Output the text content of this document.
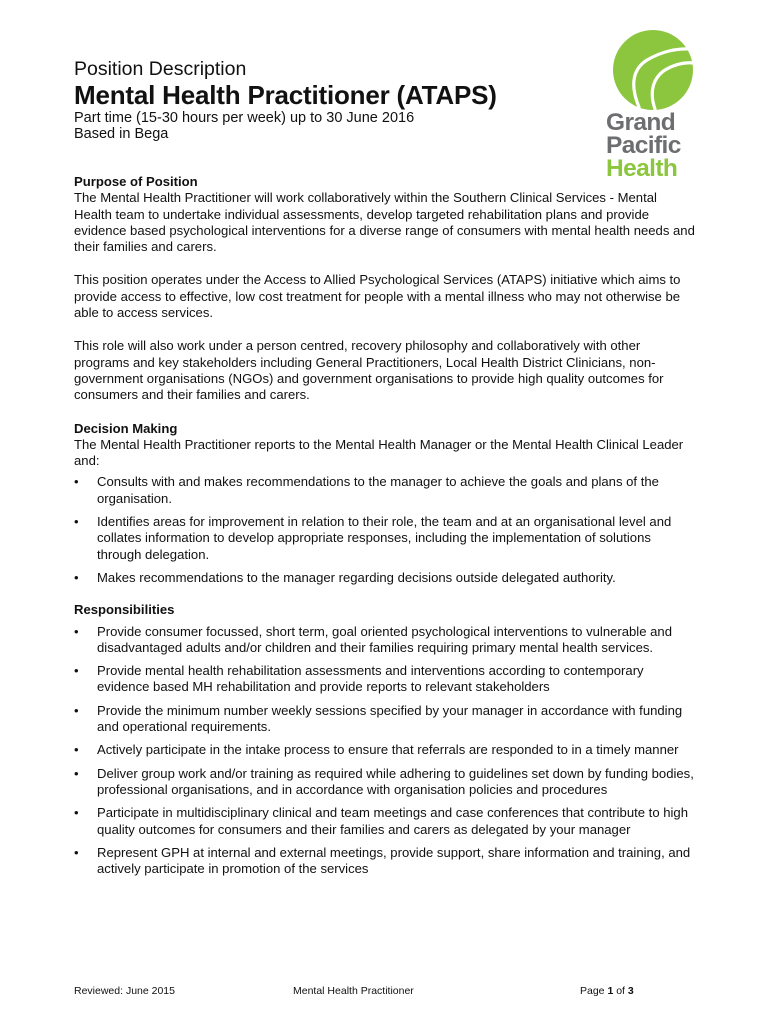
Position Description
Mental Health Practitioner (ATAPS)
Part time (15-30 hours per week) up to 30 June 2016
Based in Bega	Grand
Pacific
Health

Purpose of Position

The Mental Health Practitioner will work collaboratively within the Southern Clinical Services - Mental Health team to undertake individual assessments, develop targeted rehabilitation plans and provide evidence based psychological interventions for a diverse range of consumers with mental health needs and their families and carers.

This position operates under the Access to Allied Psychological Services (ATAPS) initiative which aims to provide access to effective, low cost treatment for people with a mental illness who may not otherwise be able to access services.

This role will also work under a person centred, recovery philosophy and collaboratively with other programs and key stakeholders including General Practitioners, Local Health District Clinicians, non-government organisations (NGOs) and government organisations to provide high quality outcomes for consumers and their families and carers.

Decision Making

The Mental Health Practitioner reports to the Mental Health Manager or the Mental Health Clinical Leader and:

• Consults with and makes recommendations to the manager to achieve the goals and plans of the organisation.
• Identifies areas for improvement in relation to their role, the team and at an organisational level and collates information to develop appropriate responses, including the implementation of solutions through delegation.
• Makes recommendations to the manager regarding decisions outside delegated authority.

Responsibilities

• Provide consumer focussed, short term, goal oriented psychological interventions to vulnerable and disadvantaged adults and/or children and their families requiring primary mental health services.
• Provide mental health rehabilitation assessments and interventions according to contemporary evidence based MH rehabilitation and provide reports to relevant stakeholders
• Provide the minimum number weekly sessions specified by your manager in accordance with funding and operational requirements.
• Actively participate in the intake process to ensure that referrals are responded to in a timely manner
• Deliver group work and/or training as required while adhering to guidelines set down by funding bodies, professional organisations, and in accordance with organisation policies and procedures
• Participate in multidisciplinary clinical and team meetings and case conferences that contribute to high quality outcomes for consumers and their families and carers as delegated by your manager
• Represent GPH at internal and external meetings, provide support, share information and training, and actively participate in promotion of the services
Reviewed: June 2015	Mental Health Practitioner	Page 1 of 3
